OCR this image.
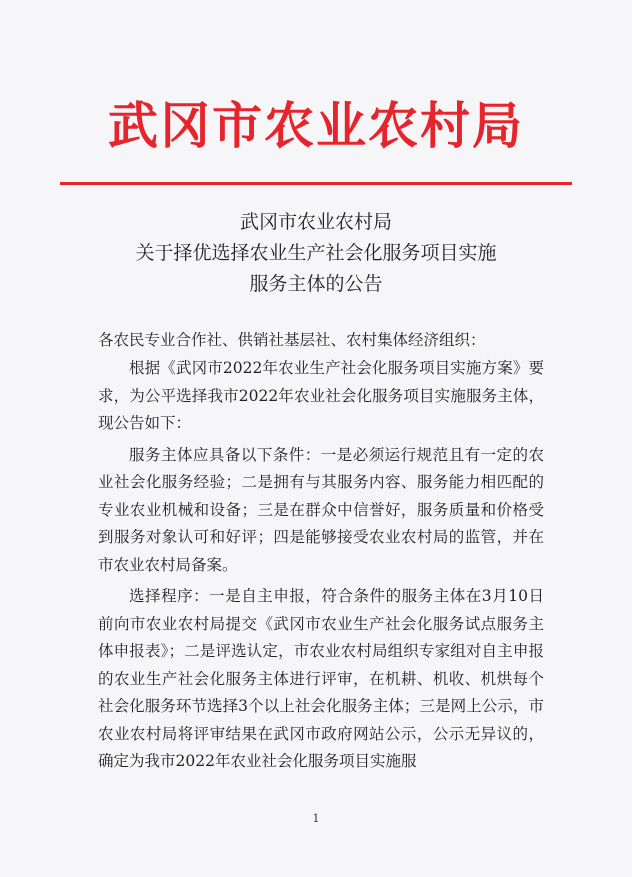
武冈市农业农村局
武冈市农业农村局
关于择优选择农业生产社会化服务项目实施
服务主体的公告
各农民专业合作社、供销社基层社、农村集体经济组织：

根据《武冈市2022年农业生产社会化服务项目实施方案》要求，为公平选择我市2022年农业社会化服务项目实施服务主体，现公告如下：

服务主体应具备以下条件：一是必须运行规范且有一定的农业社会化服务经验；二是拥有与其服务内容、服务能力相匹配的专业农业机械和设备；三是在群众中信誉好，服务质量和价格受到服务对象认可和好评；四是能够接受农业农村局的监管，并在市农业农村局备案。

选择程序：一是自主申报，符合条件的服务主体在3月10日前向市农业农村局提交《武冈市农业生产社会化服务试点服务主体申报表》；二是评选认定，市农业农村局组织专家组对自主申报的农业生产社会化服务主体进行评审，在机耕、机收、机烘每个社会化服务环节选择3个以上社会化服务主体；三是网上公示，市农业农村局将评审结果在武冈市政府网站公示，公示无异议的，确定为我市2022年农业社会化服务项目实施服

1
